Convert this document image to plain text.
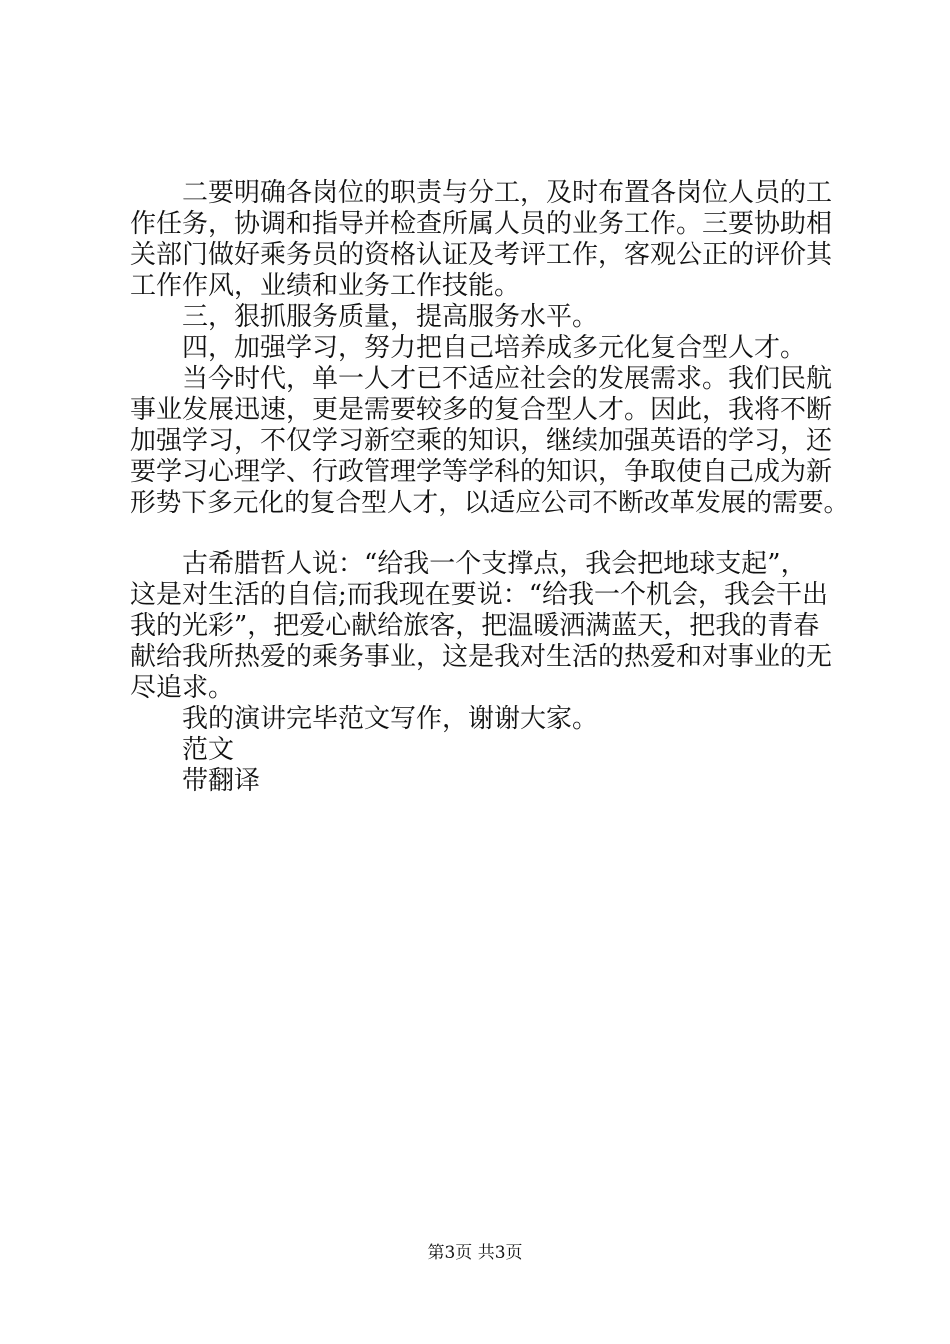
二要明确各岗位的职责与分工，及时布置各岗位人员的工
作任务，协调和指导并检查所属人员的业务工作。三要协助相
关部门做好乘务员的资格认证及考评工作，客观公正的评价其
工作作风，业绩和业务工作技能。
三，狠抓服务质量，提高服务水平。
四，加强学习，努力把自己培养成多元化复合型人才。
当今时代，单一人才已不适应社会的发展需求。我们民航
事业发展迅速，更是需要较多的复合型人才。因此，我将不断
加强学习，不仅学习新空乘的知识，继续加强英语的学习，还
要学习心理学、行政管理学等学科的知识，争取使自己成为新
形势下多元化的复合型人才，以适应公司不断改革发展的需要。
古希腊哲人说：“给我一个支撑点，我会把地球支起”，
这是对生活的自信;而我现在要说：“给我一个机会，我会干出
我的光彩”，把爱心献给旅客，把温暖洒满蓝天，把我的青春
献给我所热爱的乘务事业，这是我对生活的热爱和对事业的无
尽追求。
我的演讲完毕范文写作，谢谢大家。
范文
带翻译
第3页 共3页
